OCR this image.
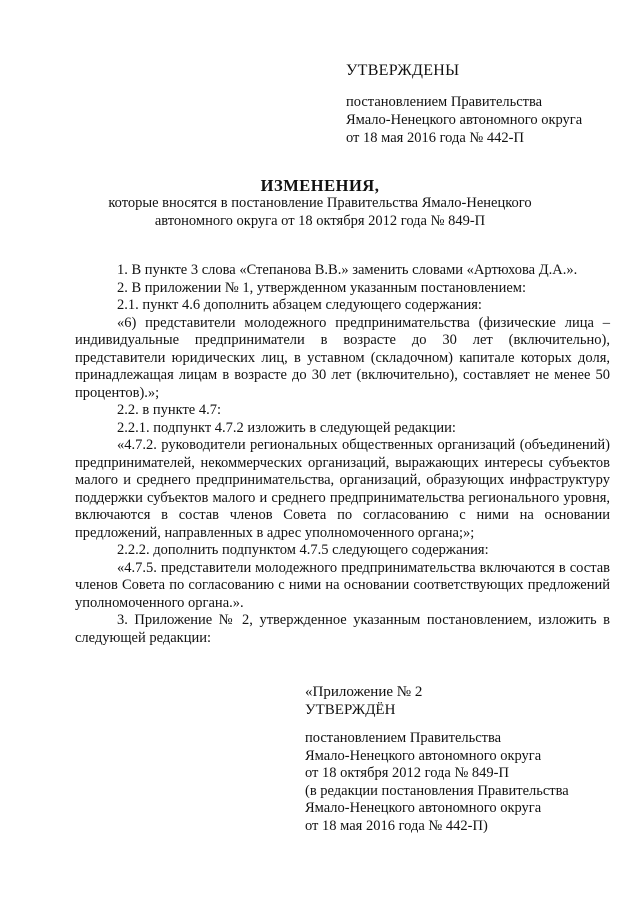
УТВЕРЖДЕНЫ
постановлением Правительства
Ямало-Ненецкого автономного округа
от 18 мая 2016 года № 442-П
ИЗМЕНЕНИЯ,
которые вносятся в постановление Правительства Ямало-Ненецкого
автономного округа от 18 октября 2012 года № 849-П

1. В пункте 3 слова «Степанова В.В.» заменить словами «Артюхова Д.А.».

2. В приложении № 1, утвержденном указанным постановлением:

2.1. пункт 4.6 дополнить абзацем следующего содержания:

«6) представители молодежного предпринимательства (физические лица – индивидуальные предприниматели в возрасте до 30 лет (включительно), представители юридических лиц, в уставном (складочном) капитале которых доля, принадлежащая лицам в возрасте до 30 лет (включительно), составляет не менее 50 процентов).»;

2.2. в пункте 4.7:

2.2.1. подпункт 4.7.2 изложить в следующей редакции:

«4.7.2. руководители региональных общественных организаций (объединений) предпринимателей, некоммерческих организаций, выражающих интересы субъектов малого и среднего предпринимательства, организаций, образующих инфраструктуру поддержки субъектов малого и среднего предпринимательства регионального уровня, включаются в состав членов Совета по согласованию с ними на основании предложений, направленных в адрес уполномоченного органа;»;

2.2.2. дополнить подпунктом 4.7.5 следующего содержания:

«4.7.5. представители молодежного предпринимательства включаются в состав членов Совета по согласованию с ними на основании соответствующих предложений уполномоченного органа.».

3. Приложение № 2, утвержденное указанным постановлением, изложить в следующей редакции:

«Приложение № 2
УТВЕРЖДЁН
постановлением Правительства
Ямало-Ненецкого автономного округа
от 18 октября 2012 года № 849-П
(в редакции постановления Правительства
Ямало-Ненецкого автономного округа
от 18 мая 2016 года № 442-П)
